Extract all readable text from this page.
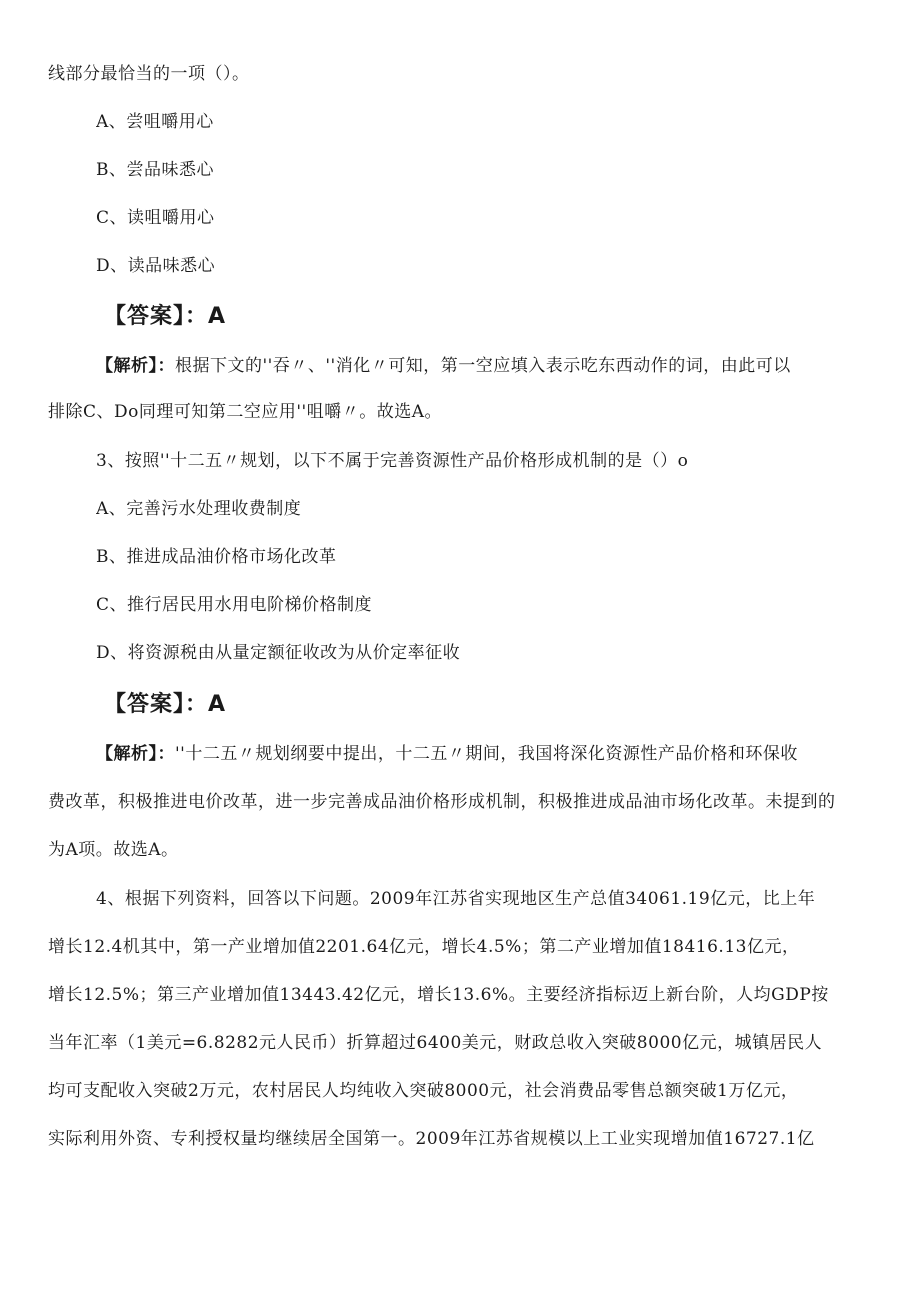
线部分最恰当的一项（）。
A、尝咀嚼用心
B、尝品味悉心
C、读咀嚼用心
D、读品味悉心
【答案】：A
【解析】：根据下文的''吞〃、''消化〃可知，第一空应填入表示吃东西动作的词，由此可以
排除C、Do同理可知第二空应用''咀嚼〃。故选A。
3、按照''十二五〃规划，以下不属于完善资源性产品价格形成机制的是（）o
A、完善污水处理收费制度
B、推进成品油价格市场化改革
C、推行居民用水用电阶梯价格制度
D、将资源税由从量定额征收改为从价定率征收
【答案】：A
【解析】：''十二五〃规划纲要中提出，十二五〃期间，我国将深化资源性产品价格和环保收
费改革，积极推进电价改革，进一步完善成品油价格形成机制，积极推进成品油市场化改革。未提到的
为A项。故选A。
4、根据下列资料，回答以下问题。2009年江苏省实现地区生产总值34061.19亿元，比上年
增长12.4机其中，第一产业增加值2201.64亿元，增长4.5%；第二产业增加值18416.13亿元，
增长12.5%；第三产业增加值13443.42亿元，增长13.6%。主要经济指标迈上新台阶，人均GDP按
当年汇率（1美元=6.8282元人民币）折算超过6400美元，财政总收入突破8000亿元，城镇居民人
均可支配收入突破2万元，农村居民人均纯收入突破8000元，社会消费品零售总额突破1万亿元，
实际利用外资、专利授权量均继续居全国第一。2009年江苏省规模以上工业实现增加值16727.1亿
